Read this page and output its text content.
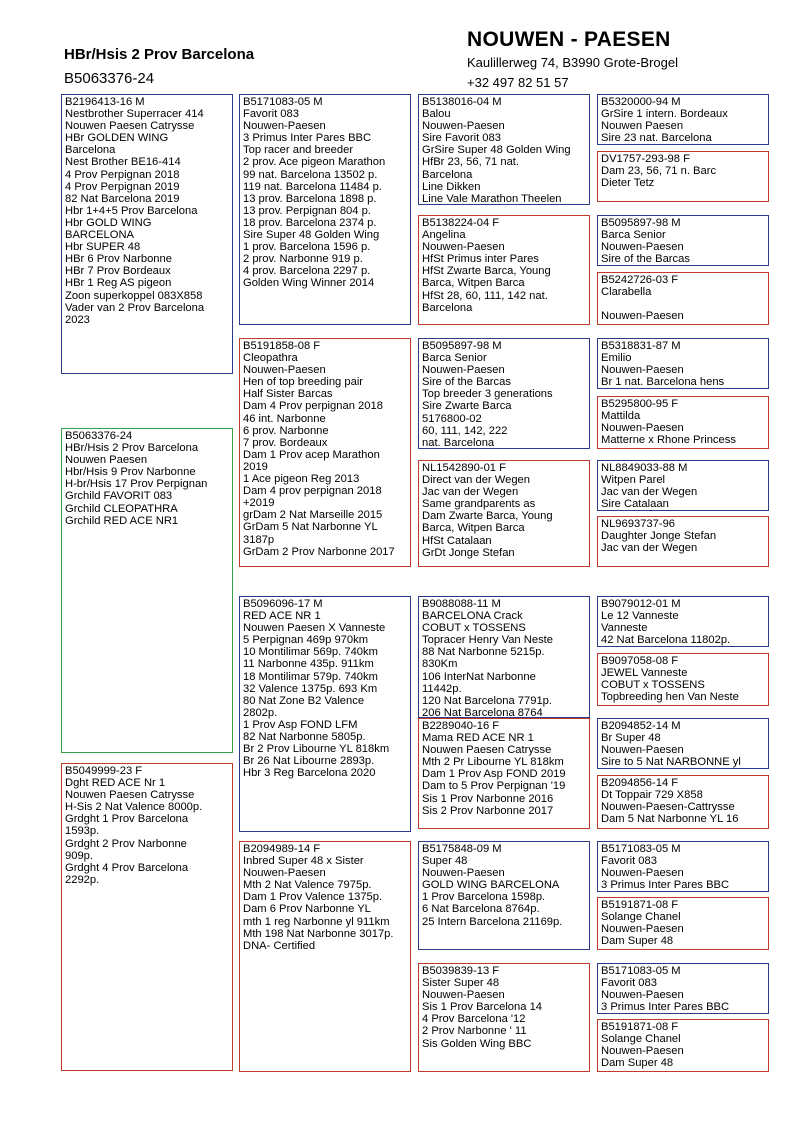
HBr/Hsis 2 Prov Barcelona
B5063376-24
NOUWEN - PAESEN
Kaulillerweg 74, B3990 Grote-Brogel
+32 497 82 51 57
B2196413-16 M
Nestbrother Superracer 414
Nouwen Paesen Catrysse
HBr GOLDEN WING
Barcelona
Nest Brother BE16-414
4 Prov Perpignan 2018
4 Prov Perpignan 2019
82 Nat Barcelona 2019
Hbr 1+4+5 Prov Barcelona
Hbr GOLD WING
BARCELONA
Hbr SUPER 48
HBr 6 Prov Narbonne
HBr 7 Prov Bordeaux
HBr 1 Reg AS pigeon
Zoon superkoppel 083X858
Vader van 2 Prov Barcelona
2023
B5063376-24
HBr/Hsis 2 Prov Barcelona
Nouwen Paesen
Hbr/Hsis 9 Prov Narbonne
H-br/Hsis 17 Prov Perpignan
Grchild FAVORIT 083
Grchild CLEOPATHRA
Grchild RED ACE NR1
B5049999-23 F
Dght RED ACE Nr 1
Nouwen Paesen Catrysse
H-Sis 2 Nat Valence 8000p.
Grdght 1 Prov Barcelona
1593p.
Grdght 2 Prov Narbonne
909p.
Grdght 4 Prov Barcelona
2292p.
B5171083-05 M
Favorit 083
Nouwen-Paesen
3 Primus Inter Pares BBC
Top racer and breeder
2 prov. Ace pigeon Marathon
99 nat. Barcelona 13502 p.
119 nat. Barcelona 11484 p.
13 prov. Barcelona 1898 p.
13 prov. Perpignan 804 p.
18 prov. Barcelona 2374 p.
Sire Super 48 Golden Wing
1 prov. Barcelona 1596 p.
2 prov. Narbonne 919 p.
4 prov. Barcelona 2297 p.
Golden Wing Winner 2014
B5191858-08 F
Cleopathra
Nouwen-Paesen
Hen of top breeding pair
Half Sister Barcas
Dam 4 Prov perpignan 2018
46 int. Narbonne
6 prov. Narbonne
7 prov. Bordeaux
Dam 1 Prov acep Marathon
2019
1 Ace pigeon Reg 2013
Dam 4 prov perpignan 2018
+2019
grDam 2 Nat Marseille 2015
GrDam 5 Nat Narbonne YL
3187p
GrDam 2 Prov Narbonne 2017
B5096096-17 M
RED ACE NR 1
Nouwen Paesen X Vanneste
5 Perpignan 469p 970km
10 Montilimar 569p. 740km
11 Narbonne 435p. 911km
18 Montilimar 579p. 740km
32 Valence 1375p. 693 Km
80 Nat Zone B2 Valence
2802p.
1 Prov Asp FOND LFM
82 Nat Narbonne 5805p.
Br 2 Prov Libourne YL 818km
Br 26 Nat Libourne 2893p.
Hbr 3 Reg Barcelona 2020
B2094989-14 F
Inbred Super 48 x Sister
Nouwen-Paesen
Mth 2 Nat Valence 7975p.
Dam 1 Prov Valence 1375p.
Dam 6 Prov Narbonne YL
mth 1 reg Narbonne yl 911km
Mth 198 Nat Narbonne 3017p.
DNA- Certified
B5138016-04 M
Balou
Nouwen-Paesen
Sire Favorit 083
GrSire Super 48 Golden Wing
HfBr 23, 56, 71 nat.
Barcelona
Line Dikken
Line Vale Marathon Theelen
B5138224-04 F
Angelina
Nouwen-Paesen
HfSt Primus inter Pares
HfSt Zwarte Barca, Young
Barca, Witpen Barca
HfSt 28, 60, 111, 142 nat.
Barcelona
B5095897-98 M
Barca Senior
Nouwen-Paesen
Sire of the Barcas
Top breeder 3 generations
Sire Zwarte Barca
5176800-02
60, 111, 142, 222
nat. Barcelona
NL1542890-01 F
Direct van der Wegen
Jac van der Wegen
Same grandparents as
Dam Zwarte Barca, Young
Barca, Witpen Barca
HfSt Catalaan
GrDt Jonge Stefan
B9088088-11 M
BARCELONA Crack
COBUT x TOSSENS
Topracer Henry Van Neste
88 Nat Narbonne 5215p.
830Km
106 InterNat Narbonne
11442p.
120 Nat Barcelona 7791p.
206 Nat Barcelona 8764
B2289040-16 F
Mama RED ACE NR 1
Nouwen Paesen Catrysse
Mth 2 Pr Libourne YL 818km
Dam 1 Prov Asp FOND 2019
Dam to 5 Prov Perpignan '19
Sis 1 Prov Narbonne 2016
Sis 2 Prov Narbonne 2017
B5175848-09 M
Super 48
Nouwen-Paesen
GOLD WING BARCELONA
1 Prov Barcelona 1598p.
6 Nat Barcelona 8764p.
25 Intern Barcelona 21169p.
B5039839-13 F
Sister Super 48
Nouwen-Paesen
Sis 1 Prov Barcelona 14
4 Prov Barcelona '12
2 Prov Narbonne ' 11
Sis Golden Wing BBC
B5320000-94 M
GrSire 1 intern. Bordeaux
Nouwen Paesen
Sire 23 nat. Barcelona
DV1757-293-98 F
Dam 23, 56, 71 n. Barc
Dieter Tetz
B5095897-98 M
Barca Senior
Nouwen-Paesen
Sire of the Barcas
B5242726-03 F
Clarabella

Nouwen-Paesen
B5318831-87 M
Emilio
Nouwen-Paesen
Br 1 nat. Barcelona hens
B5295800-95 F
Mattilda
Nouwen-Paesen
Matterne x Rhone Princess
NL8849033-88 M
Witpen Parel
Jac van der Wegen
Sire Catalaan
NL9693737-96
Daughter Jonge Stefan
Jac van der Wegen
B9079012-01 M
Le 12 Vanneste
Vanneste
42 Nat Barcelona 11802p.
B9097058-08 F
JEWEL Vanneste
COBUT x TOSSENS
Topbreeding hen Van Neste
B2094852-14 M
Br Super 48
Nouwen-Paesen
Sire to 5 Nat NARBONNE yl
B2094856-14 F
Dt Toppair 729 X858
Nouwen-Paesen-Cattrysse
Dam 5 Nat Narbonne YL 16
B5171083-05 M
Favorit 083
Nouwen-Paesen
3 Primus Inter Pares BBC
B5191871-08 F
Solange Chanel
Nouwen-Paesen
Dam Super 48
B5171083-05 M
Favorit 083
Nouwen-Paesen
3 Primus Inter Pares BBC
B5191871-08 F
Solange Chanel
Nouwen-Paesen
Dam Super 48
